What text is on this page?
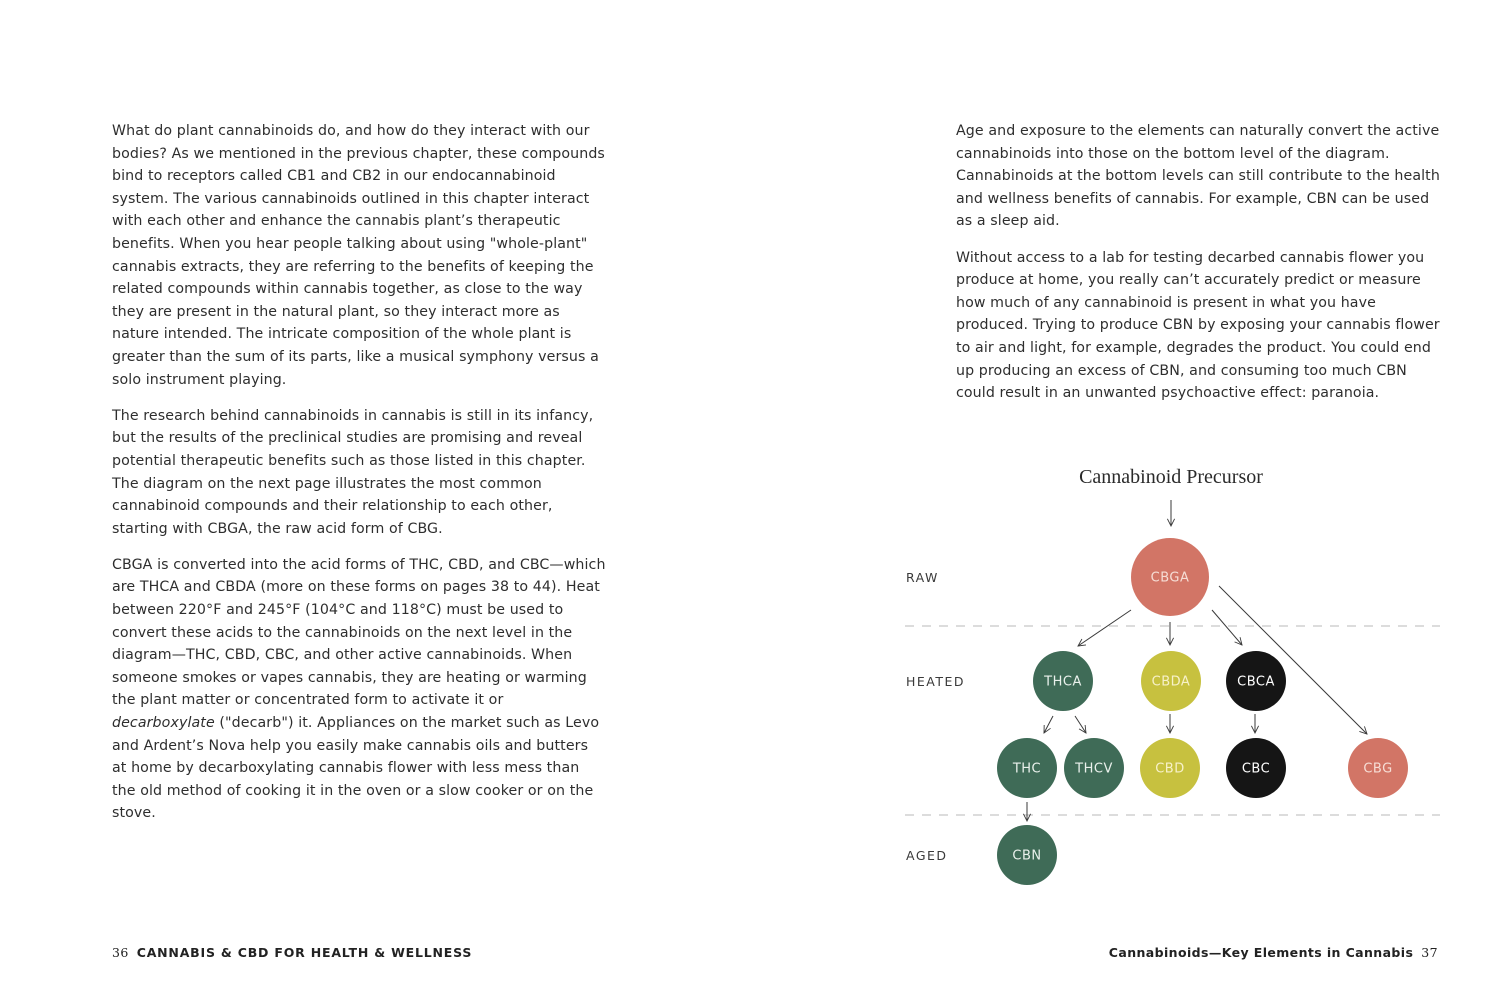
What do plant cannabinoids do, and how do they interact with our bodies? As we mentioned in the previous chapter, these compounds bind to receptors called CB1 and CB2 in our endocannabinoid system. The various cannabinoids outlined in this chapter interact with each other and enhance the cannabis plant’s therapeutic benefits. When you hear people talking about using "whole-plant" cannabis extracts, they are referring to the benefits of keeping the related compounds within cannabis together, as close to the way they are present in the natural plant, so they interact more as nature intended. The intricate composition of the whole plant is greater than the sum of its parts, like a musical symphony versus a solo instrument playing.

The research behind cannabinoids in cannabis is still in its infancy, but the results of the preclinical studies are promising and reveal potential therapeutic benefits such as those listed in this chapter. The diagram on the next page illustrates the most common cannabinoid compounds and their relationship to each other, starting with CBGA, the raw acid form of CBG.

CBGA is converted into the acid forms of THC, CBD, and CBC—which are THCA and CBDA (more on these forms on pages 38 to 44). Heat between 220°F and 245°F (104°C and 118°C) must be used to convert these acids to the cannabinoids on the next level in the diagram—THC, CBD, CBC, and other active cannabinoids. When someone smokes or vapes cannabis, they are heating or warming the plant matter or concentrated form to activate it or decarboxylate ("decarb") it. Appliances on the market such as Levo and Ardent’s Nova help you easily make cannabis oils and butters at home by decarboxylating cannabis flower with less mess than the old method of cooking it in the oven or a slow cooker or on the stove.

Age and exposure to the elements can naturally convert the active cannabinoids into those on the bottom level of the diagram. Cannabinoids at the bottom levels can still contribute to the health and wellness benefits of cannabis. For example, CBN can be used as a sleep aid.

Without access to a lab for testing decarbed cannabis flower you produce at home, you really can’t accurately predict or measure how much of any cannabinoid is present in what you have produced. Trying to produce CBN by exposing your cannabis flower to air and light, for example, degrades the product. You could end up producing an excess of CBN, and consuming too much CBN could result in an unwanted psychoactive effect: paranoia.

Cannabinoid Precursor
RAW
HEATED
AGED
CBGA
THCA	CBDA	CBCA
THC	THCV	CBD	CBC	CBG
CBN
36 CANNABIS & CBD FOR HEALTH & WELLNESS	Cannabinoids—Key Elements in Cannabis 37
